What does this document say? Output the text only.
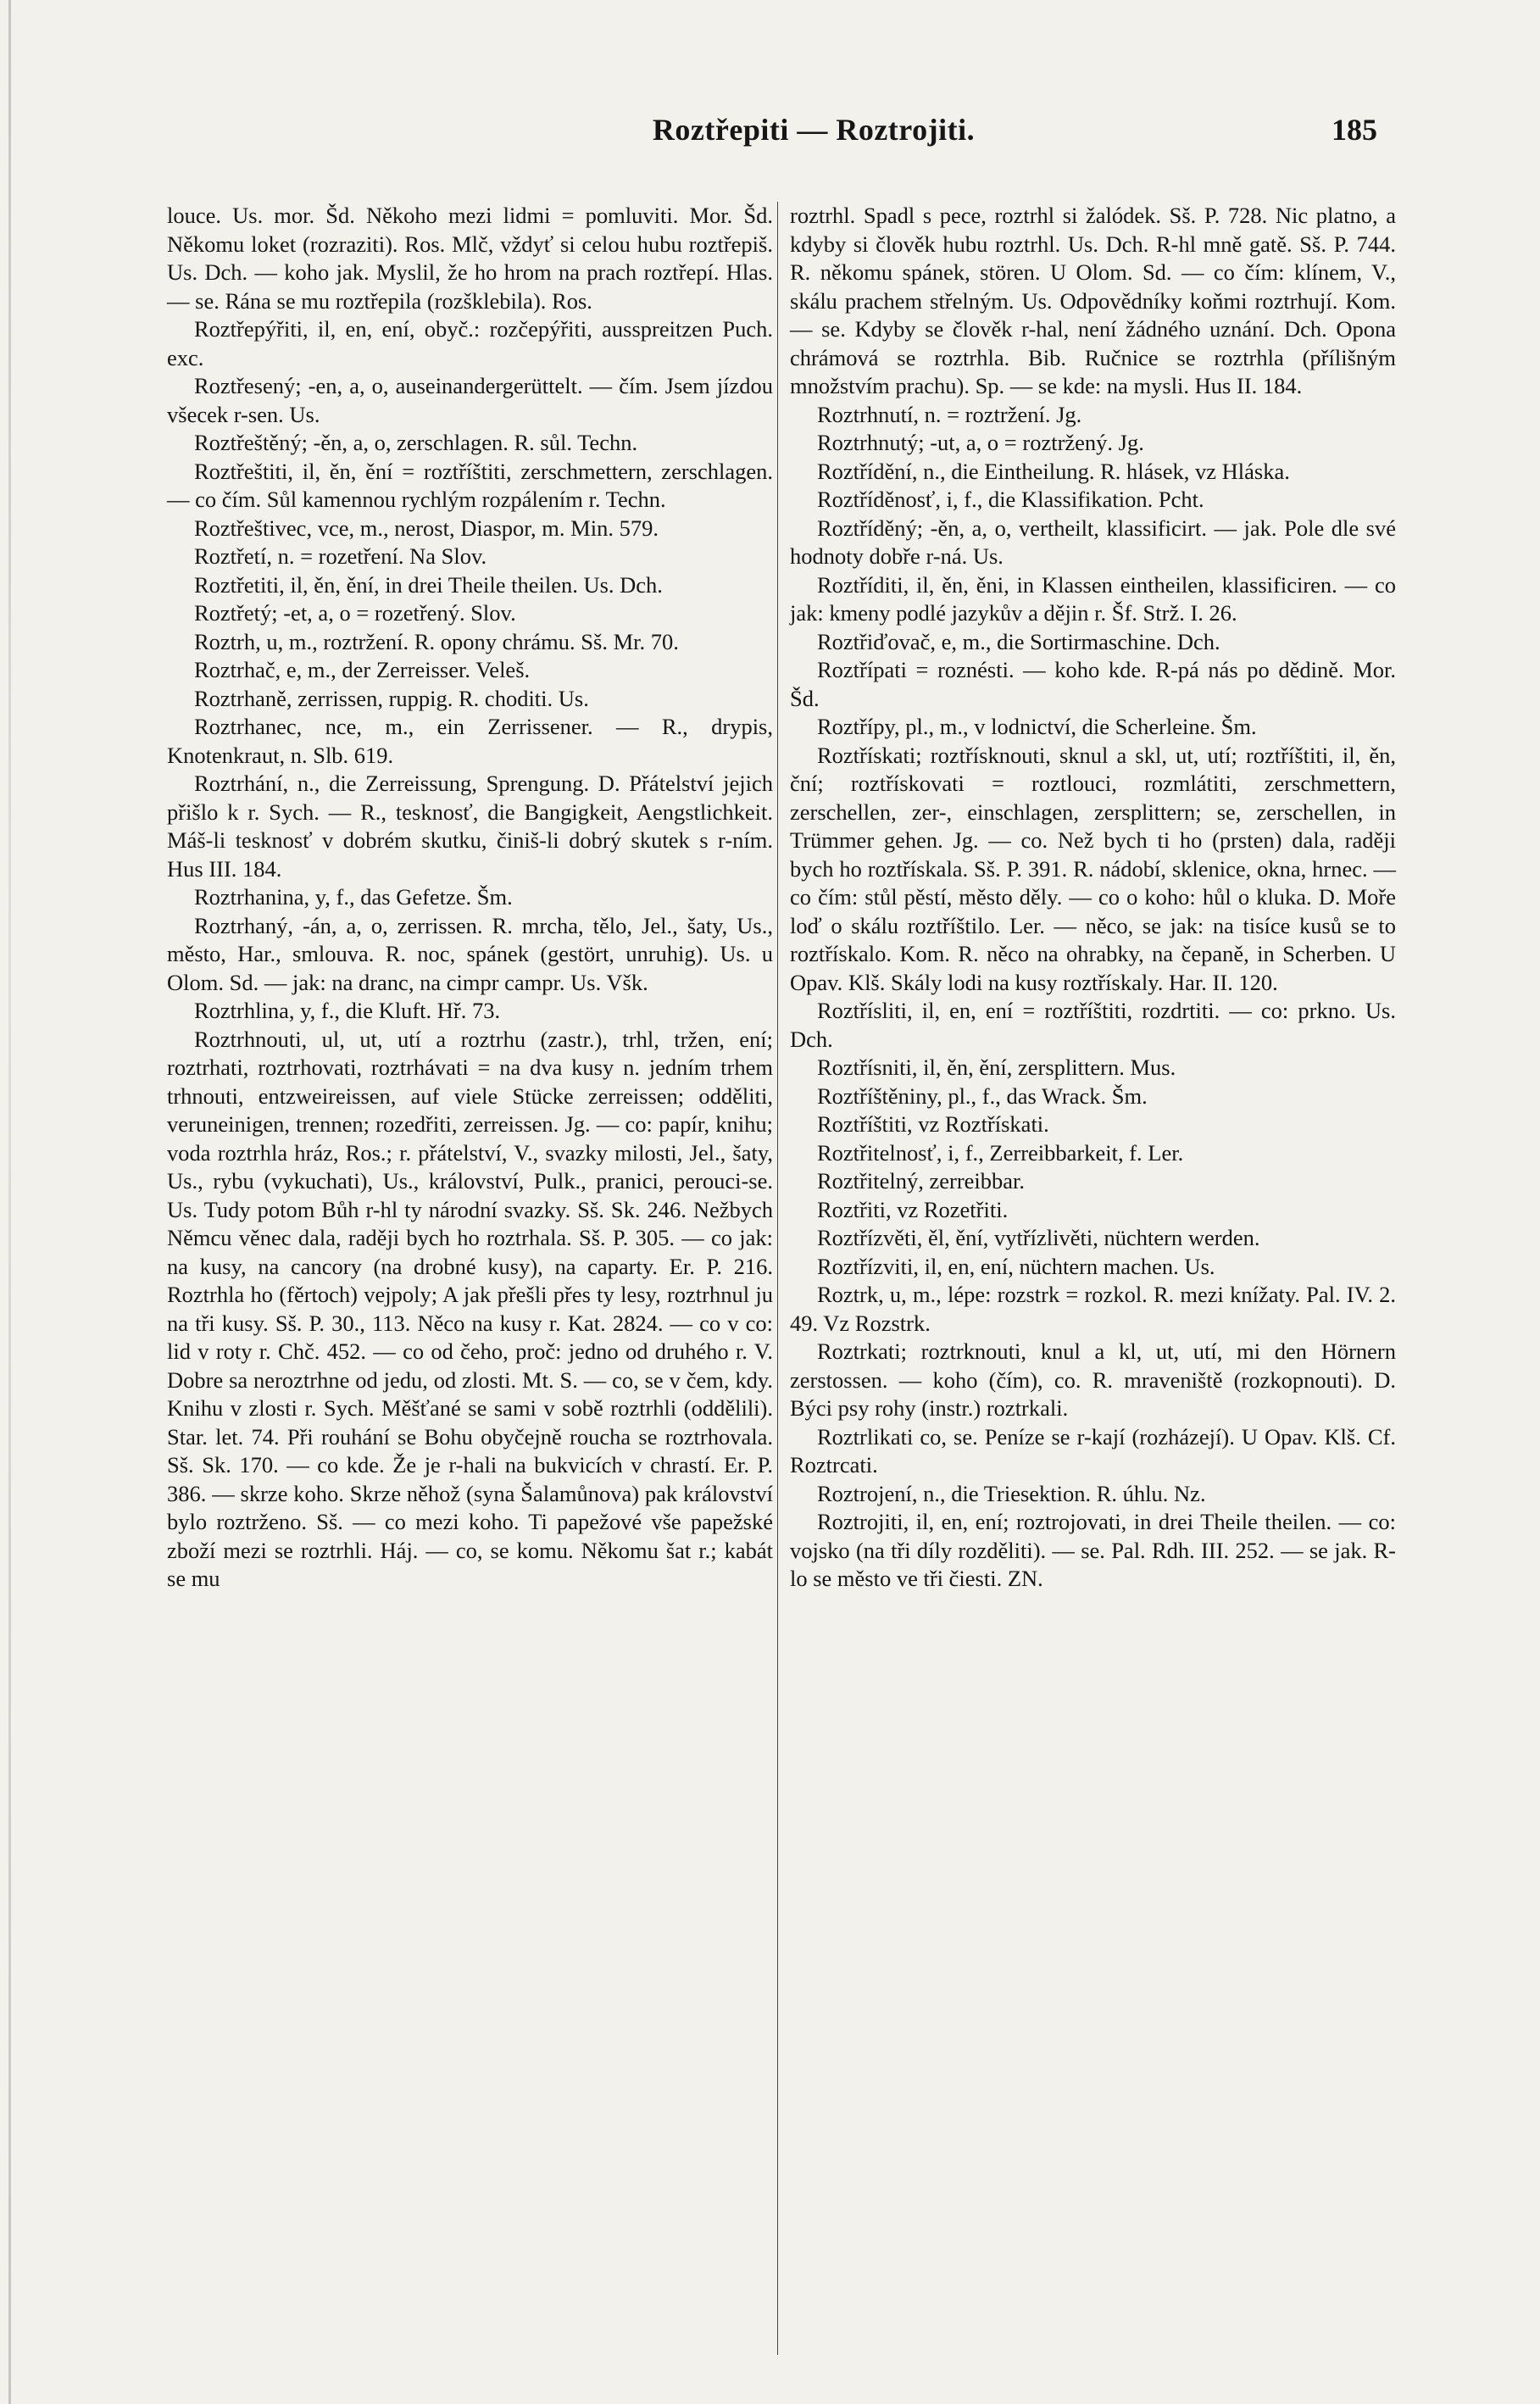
Roztřepiti — Roztrojiti.	185

louce. Us. mor. Šd. Někoho mezi lidmi = pomluviti. Mor. Šd. Někomu loket (rozraziti). Ros. Mlč, vždyť si celou hubu roztřepiš. Us. Dch. — koho jak. Myslil, že ho hrom na prach roztřepí. Hlas. — se. Rána se mu roztřepila (rozšklebila). Ros.

Roztřepýřiti, il, en, ení, obyč.: rozčepýřiti, ausspreitzen Puch. exc.

Roztřesený; -en, a, o, auseinandergerüttelt. — čím. Jsem jízdou všecek r-sen. Us.

Roztřeštěný; -ěn, a, o, zerschlagen. R. sůl. Techn.

Roztřeštiti, il, ěn, ění = roztříštiti, zerschmettern, zerschlagen. — co čím. Sůl kamennou rychlým rozpálením r. Techn.

Roztřeštivec, vce, m., nerost, Diaspor, m. Min. 579.

Roztřetí, n. = rozetření. Na Slov.

Roztřetiti, il, ěn, ění, in drei Theile theilen. Us. Dch.

Roztřetý; -et, a, o = rozetřený. Slov.

Roztrh, u, m., roztržení. R. opony chrámu. Sš. Mr. 70.

Roztrhač, e, m., der Zerreisser. Veleš.

Roztrhaně, zerrissen, ruppig. R. choditi. Us.

Roztrhanec, nce, m., ein Zerrissener. — R., drypis, Knotenkraut, n. Slb. 619.

Roztrhání, n., die Zerreissung, Sprengung. D. Přátelství jejich přišlo k r. Sych. — R., tesknosť, die Bangigkeit, Aengstlichkeit. Máš-li tesknosť v dobrém skutku, činiš-li dobrý skutek s r-ním. Hus III. 184.

Roztrhanina, y, f., das Gefetze. Šm.

Roztrhaný, -án, a, o, zerrissen. R. mrcha, tělo, Jel., šaty, Us., město, Har., smlouva. R. noc, spánek (gestört, unruhig). Us. u Olom. Sd. — jak: na dranc, na cimpr campr. Us. Všk.

Roztrhlina, y, f., die Kluft. Hř. 73.

Roztrhnouti, ul, ut, utí a roztrhu (zastr.), trhl, tržen, ení; roztrhati, roztrhovati, roztrhávati = na dva kusy n. jedním trhem trhnouti, entzweireissen, auf viele Stücke zerreissen; odděliti, veruneinigen, trennen; rozedřiti, zerreissen. Jg. — co: papír, knihu; voda roztrhla hráz, Ros.; r. přátelství, V., svazky milosti, Jel., šaty, Us., rybu (vykuchati), Us., království, Pulk., pranici, perouci-se. Us. Tudy potom Bůh r-hl ty národní svazky. Sš. Sk. 246. Nežbych Němcu věnec dala, raději bych ho roztrhala. Sš. P. 305. — co jak: na kusy, na cancory (na drobné kusy), na caparty. Er. P. 216. Roztrhla ho (fěrtoch) vejpoly; A jak přešli přes ty lesy, roztrhnul ju na tři kusy. Sš. P. 30., 113. Něco na kusy r. Kat. 2824. — co v co: lid v roty r. Chč. 452. — co od čeho, proč: jedno od druhého r. V. Dobre sa neroztrhne od jedu, od zlosti. Mt. S. — co, se v čem, kdy. Knihu v zlosti r. Sych. Měšťané se sami v sobě roztrhli (oddělili). Star. let. 74. Při rouhání se Bohu obyčejně roucha se roztrhovala. Sš. Sk. 170. — co kde. Že je r-hali na bukvicích v chrastí. Er. P. 386. — skrze koho. Skrze něhož (syna Šalamůnova) pak království bylo roztrženo. Sš. — co mezi koho. Ti papežové vše papežské zboží mezi se roztrhli. Háj. — co, se komu. Někomu šat r.; kabát se mu

roztrhl. Spadl s pece, roztrhl si žalódek. Sš. P. 728. Nic platno, a kdyby si člověk hubu roztrhl. Us. Dch. R-hl mně gatě. Sš. P. 744. R. někomu spánek, stören. U Olom. Sd. — co čím: klínem, V., skálu prachem střelným. Us. Odpovědníky koňmi roztrhují. Kom. — se. Kdyby se člověk r-hal, není žádného uznání. Dch. Opona chrámová se roztrhla. Bib. Ručnice se roztrhla (přílišným množstvím prachu). Sp. — se kde: na mysli. Hus II. 184.

Roztrhnutí, n. = roztržení. Jg.

Roztrhnutý; -ut, a, o = roztržený. Jg.

Roztřídění, n., die Eintheilung. R. hlásek, vz Hláska.

Roztříděnosť, i, f., die Klassifikation. Pcht.

Roztříděný; -ěn, a, o, vertheilt, klassificirt. — jak. Pole dle své hodnoty dobře r-ná. Us.

Roztříditi, il, ěn, ěni, in Klassen eintheilen, klassificiren. — co jak: kmeny podlé jazykův a dějin r. Šf. Strž. I. 26.

Roztřiďovač, e, m., die Sortirmaschine. Dch.

Roztřípati = roznésti. — koho kde. R-pá nás po dědině. Mor. Šd.

Roztřípy, pl., m., v lodnictví, die Scherleine. Šm.

Roztřískati; roztřísknouti, sknul a skl, ut, utí; roztříštiti, il, ěn, ční; roztřískovati = roztlouci, rozmlátiti, zerschmettern, zerschellen, zer-, einschlagen, zersplittern; se, zerschellen, in Trümmer gehen. Jg. — co. Než bych ti ho (prsten) dala, raději bych ho roztřískala. Sš. P. 391. R. nádobí, sklenice, okna, hrnec. — co čím: stůl pěstí, město děly. — co o koho: hůl o kluka. D. Moře loď o skálu roztříštilo. Ler. — něco, se jak: na tisíce kusů se to roztřískalo. Kom. R. něco na ohrabky, na čepaně, in Scherben. U Opav. Klš. Skály lodi na kusy roztřískaly. Har. II. 120.

Roztřísliti, il, en, ení = roztříštiti, rozdrtiti. — co: prkno. Us. Dch.

Roztřísniti, il, ěn, ění, zersplittern. Mus.

Roztříštěniny, pl., f., das Wrack. Šm.

Roztříštiti, vz Roztřískati.

Roztřitelnosť, i, f., Zerreibbarkeit, f. Ler.

Roztřitelný, zerreibbar.

Roztřiti, vz Rozetřiti.

Roztřízvěti, ěl, ění, vytřízlivěti, nüchtern werden.

Roztřízviti, il, en, ení, nüchtern machen. Us.

Roztrk, u, m., lépe: rozstrk = rozkol. R. mezi knížaty. Pal. IV. 2. 49. Vz Rozstrk.

Roztrkati; roztrknouti, knul a kl, ut, utí, mi den Hörnern zerstossen. — koho (čím), co. R. mraveniště (rozkopnouti). D. Býci psy rohy (instr.) roztrkali.

Roztrlikati co, se. Peníze se r-kají (rozházejí). U Opav. Klš. Cf. Roztrcati.

Roztrojení, n., die Triesektion. R. úhlu. Nz.

Roztrojiti, il, en, ení; roztrojovati, in drei Theile theilen. — co: vojsko (na tři díly rozděliti). — se. Pal. Rdh. III. 252. — se jak. R-lo se město ve tři čiesti. ZN.
